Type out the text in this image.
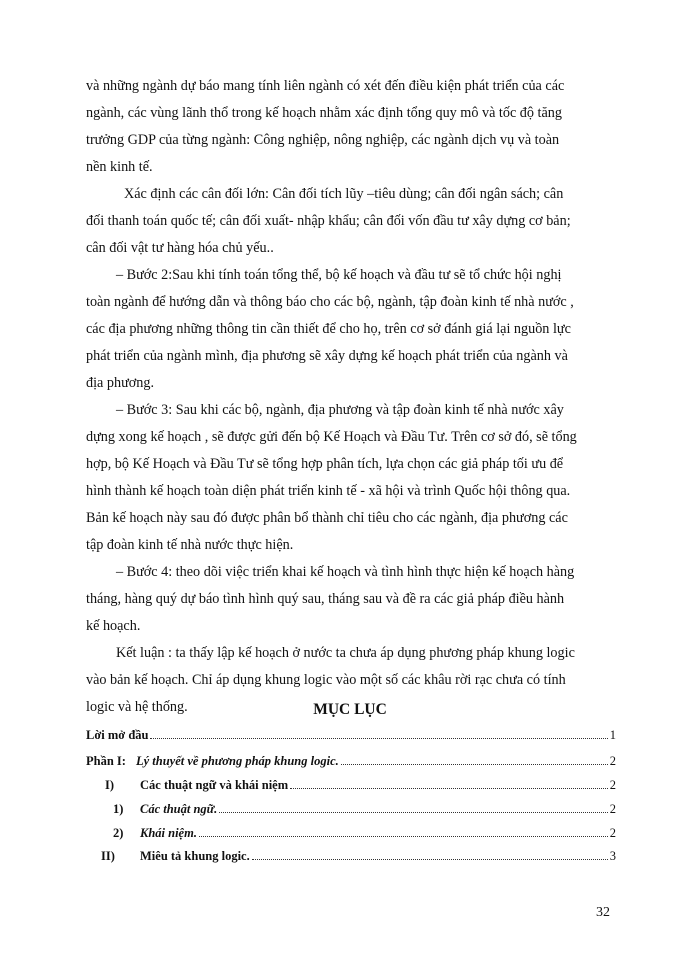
và những ngành dự báo mang tính liên ngành có xét đến điều kiện phát triển của các
ngành, các vùng lãnh thổ trong kế hoạch nhằm xác định tổng quy mô và tốc độ tăng
trưởng GDP của từng ngành: Công nghiệp, nông nghiệp, các ngành dịch vụ và toàn
nền kinh tế.
Xác định các cân đối lớn: Cân đối tích lũy –tiêu dùng; cân đối ngân sách; cân
đối thanh toán quốc tế; cân đối xuất- nhập khẩu; cân đối vốn đầu tư xây dựng cơ bản;
cân đối vật tư hàng hóa chủ yếu..
– Bước 2:Sau khi tính toán tổng thể, bộ kế hoạch và đầu tư sẽ tổ chức hội nghị
toàn ngành để hướng dẫn và thông báo cho các bộ, ngành, tập đoàn kinh tế nhà nước ,
các địa phương những thông tin cần thiết để cho họ, trên cơ sở đánh giá lại nguồn lực
phát triển của ngành mình, địa phương sẽ xây dựng kế hoạch phát triển của ngành và
địa phương.
– Bước 3: Sau khi các bộ, ngành, địa phương và tập đoàn kinh tế nhà nước xây
dựng xong kế hoạch , sẽ được gửi đến bộ Kế Hoạch và Đầu Tư. Trên cơ sở đó, sẽ tổng
hợp, bộ Kế Hoạch và Đầu Tư sẽ tổng hợp phân tích, lựa chọn các giả pháp tối ưu để
hình thành kế hoạch toàn diện phát triển kinh tế - xã hội và trình Quốc hội thông qua.
Bản kế hoạch này sau đó được phân bổ thành chỉ tiêu cho các ngành, địa phương các
tập đoàn kinh tế nhà nước thực hiện.
– Bước 4: theo dõi việc triển khai kế hoạch và tình hình thực hiện kế hoạch hàng
tháng, hàng quý dự báo tình hình quý sau, tháng sau và đề ra các giả pháp điều hành
kế hoạch.
Kết luận : ta thấy lập kế hoạch ở nước ta chưa áp dụng phương pháp khung logic
vào bản kế hoạch. Chỉ áp dụng khung logic vào một số các khâu rời rạc chưa có tính
logic và hệ thống.	MỤC LỤC
Lời mở đầu	1
Phần I: Lý thuyết về phương pháp khung logic.	2
I)	Các thuật ngữ và khái niệm	2
1)	Các thuật ngữ.	2
2)	Khái niệm.	2
II)	Miêu tả khung logic.	3
32
